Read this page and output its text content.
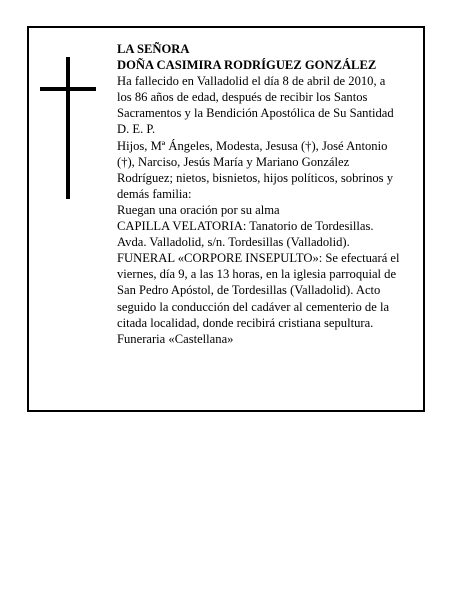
LA SEÑORA
DOÑA CASIMIRA RODRÍGUEZ GONZÁLEZ
Ha fallecido en Valladolid el día 8 de abril de 2010, a
los 86 años de edad, después de recibir los Santos
Sacramentos y la Bendición Apostólica de Su Santidad
D. E. P.
Hijos, Mª Ángeles, Modesta, Jesusa (†), José Antonio
(†), Narciso, Jesús María y Mariano González
Rodríguez; nietos, bisnietos, hijos políticos, sobrinos y
demás familia:
Ruegan una oración por su alma
CAPILLA VELATORIA: Tanatorio de Tordesillas.
Avda. Valladolid, s/n. Tordesillas (Valladolid).
FUNERAL «CORPORE INSEPULTO»: Se efectuará el
viernes, día 9, a las 13 horas, en la iglesia parroquial de
San Pedro Apóstol, de Tordesillas (Valladolid). Acto
seguido la conducción del cadáver al cementerio de la
citada localidad, donde recibirá cristiana sepultura.
Funeraria «Castellana»
